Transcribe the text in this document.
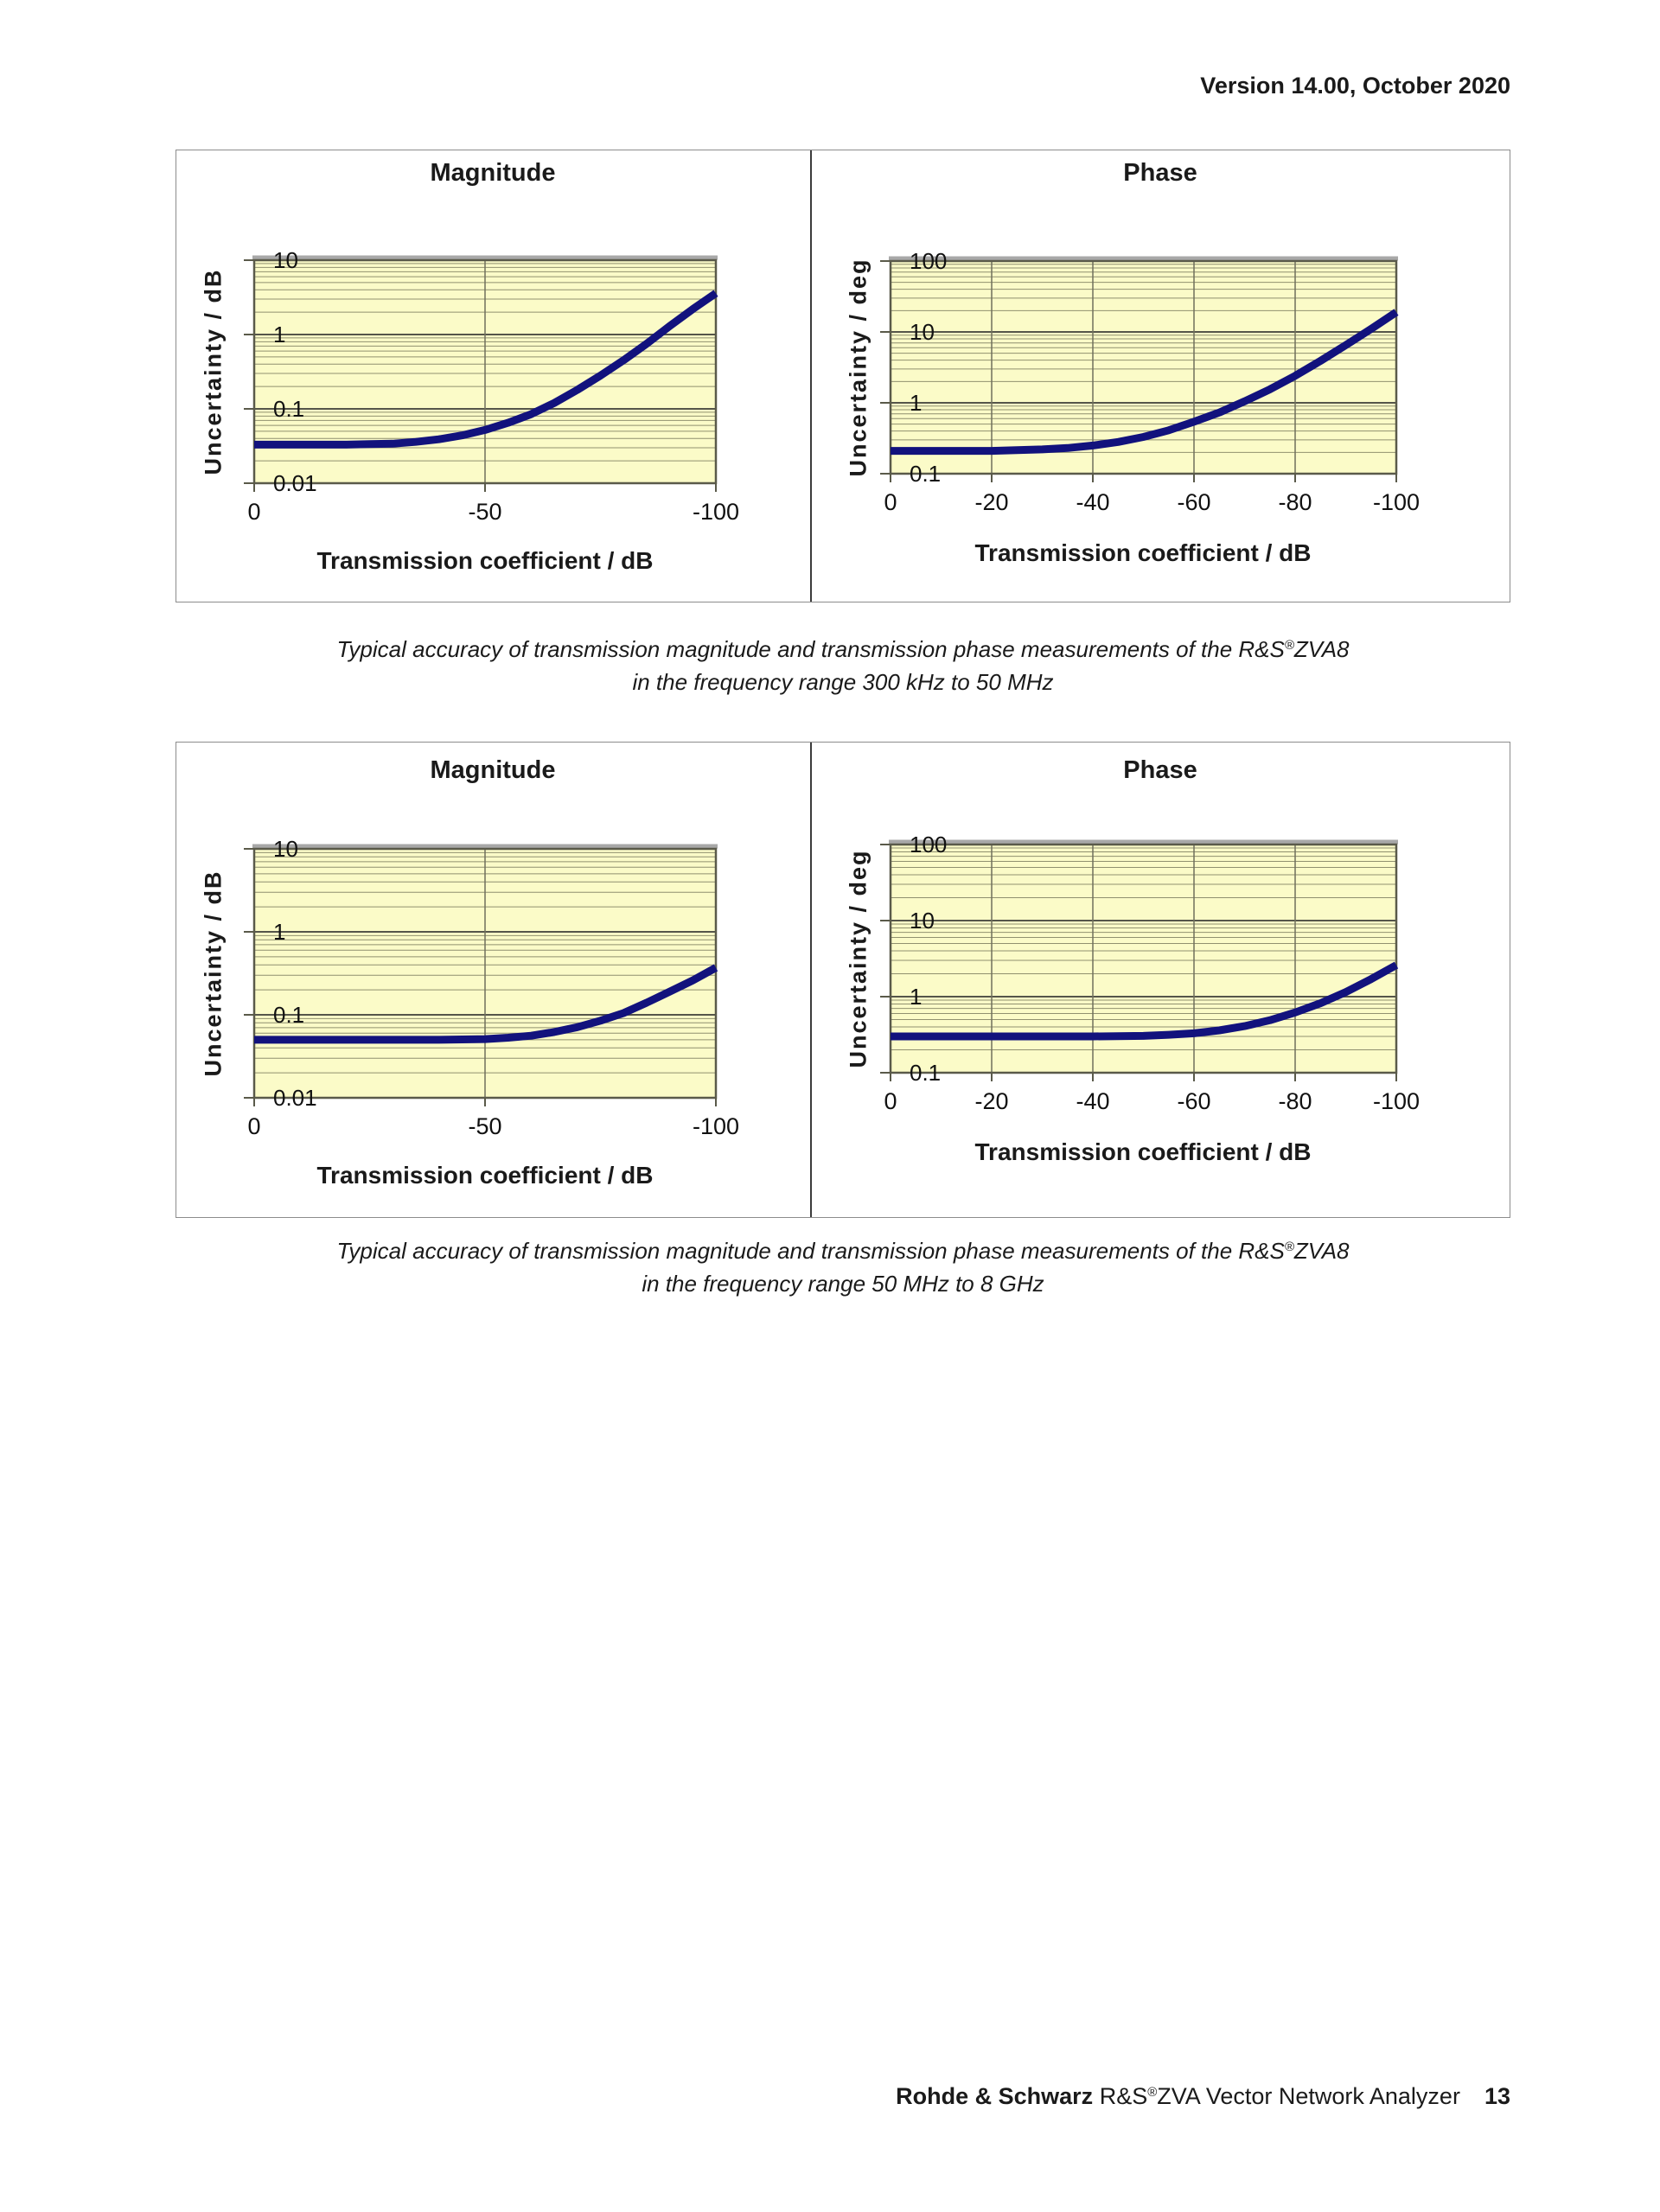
Version 14.00, October 2020
Magnitude	Phase
Magnitude	Phase
Uncertainty / dB	Uncertainty / deg
Uncertainty / dB	Uncertainty / deg
10
1
0.1
0.01
0	-50	-100
100
10
1
0.1
0	-20	-40	-60	-80	-100
10
1
0.1
0.01
0	-50	-100
100
10
1
0.1
0	-20	-40	-60	-80	-100
Transmission coefficient / dB	Transmission coefficient / dB
Transmission coefficient / dB
Transmission coefficient / dB
Typical accuracy of transmission magnitude and transmission phase measurements of the R&S®ZVA8
in the frequency range 300 kHz to 50 MHz
Typical accuracy of transmission magnitude and transmission phase measurements of the R&S®ZVA8
in the frequency range 50 MHz to 8 GHz
Rohde & Schwarz R&S®ZVA Vector Network Analyzer 13
